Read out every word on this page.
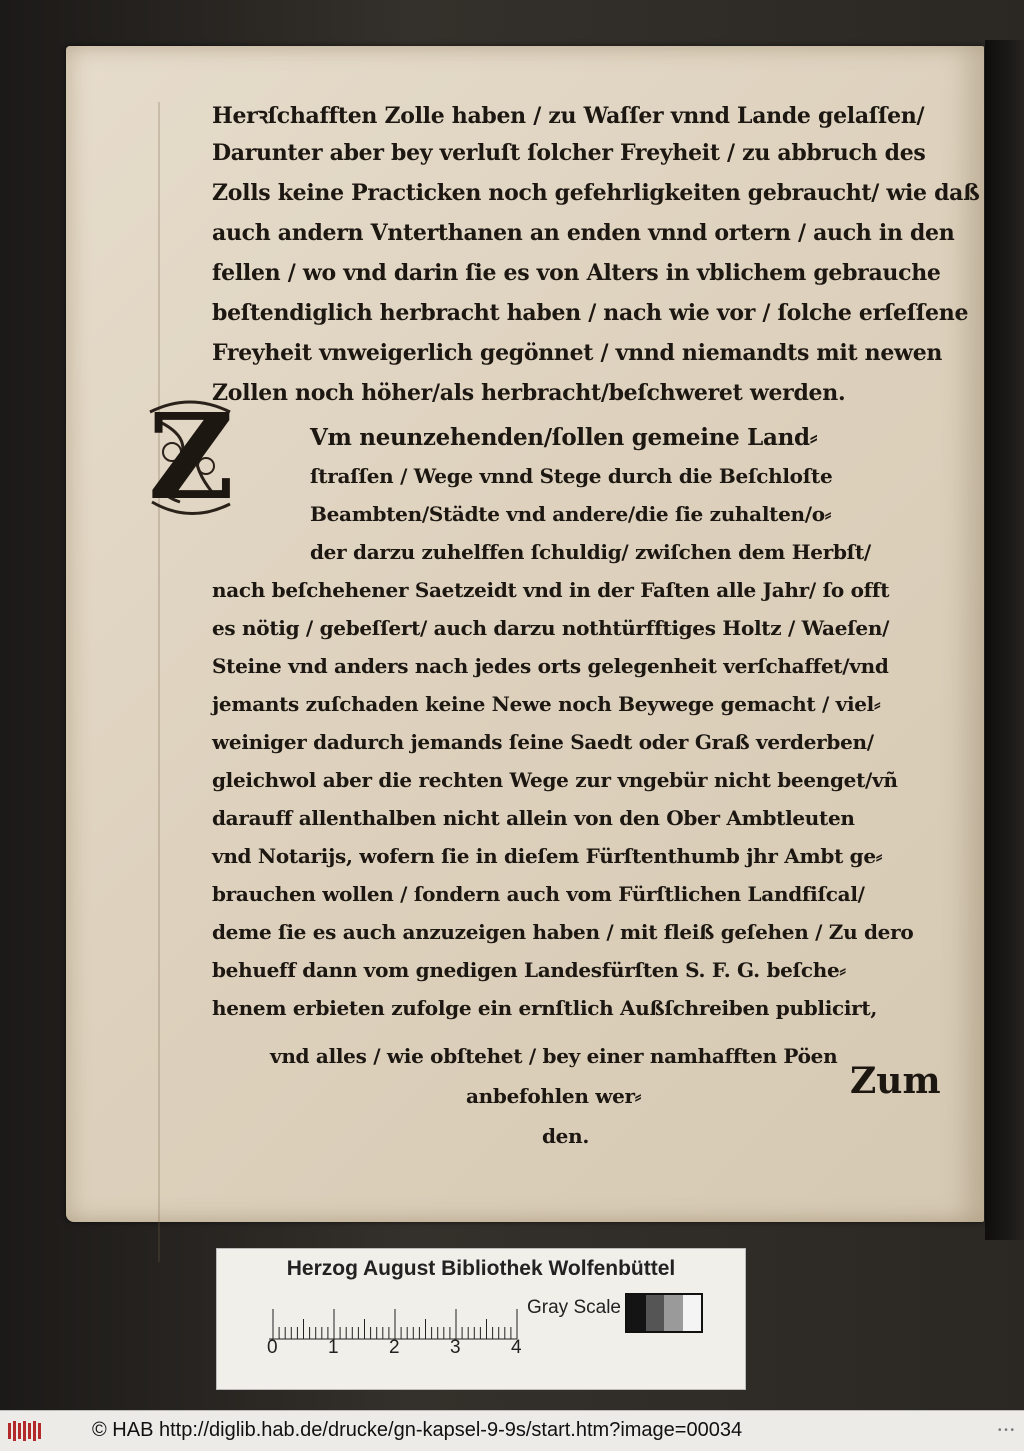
Herꝛſchafften Zolle haben / zu Waſſer vnnd Lande gelaſſen/
Darunter aber bey verluſt ſolcher Freyheit / zu abbruch des
Zolls keine Practicken noch gefehrligkeiten gebraucht/ wie daß
auch andern Vnterthanen an enden vnnd ortern / auch in den
fellen / wo vnd darin ſie es von Alters in vblichem gebrauche
beſtendiglich herbracht haben / nach wie vor / ſolche erſeſſene
Freyheit vnweigerlich gegönnet / vnnd niemandts mit newen
Zollen noch höher/als herbracht/beſchweret werden.
Vm neunzehenden/ſollen gemeine Land⸗
ſtraſſen / Wege vnnd Stege durch die Beſchloſte
Beambten/Städte vnd andere/die ſie zuhalten/o⸗
der darzu zuhelffen ſchuldig/ zwiſchen dem Herbſt/
nach beſchehener Saetzeidt vnd in der Faſten alle Jahr/ ſo offt
es nötig / gebeſſert/ auch darzu nothtürfftiges Holtz / Waeſen/
Steine vnd anders nach jedes orts gelegenheit verſchaffet/vnd
jemants zuſchaden keine Newe noch Beywege gemacht / viel⸗
weiniger dadurch jemands ſeine Saedt oder Graß verderben/
gleichwol aber die rechten Wege zur vngebür nicht beenget/vñ
darauff allenthalben nicht allein von den Ober Ambtleuten
vnd Notarijs, wofern ſie in dieſem Fürſtenthumb jhr Ambt ge⸗
brauchen wollen / ſondern auch vom Fürſtlichen Landfiſcal/
deme ſie es auch anzuzeigen haben / mit fleiß geſehen / Zu dero
behueff dann vom gnedigen Landesfürſten S. F. G. beſche⸗
henem erbieten zufolge ein ernſtlich Außſchreiben publicirt,
vnd alles / wie obſtehet / bey einer namhafften Pöen
anbefohlen wer⸗
den.
Z
Zum
Herzog August Bibliothek Wolfenbüttel
0	1	2	3	4
Gray Scale
© HAB http://diglib.hab.de/drucke/gn-kapsel-9-9s/start.htm?image=00034	• • •
